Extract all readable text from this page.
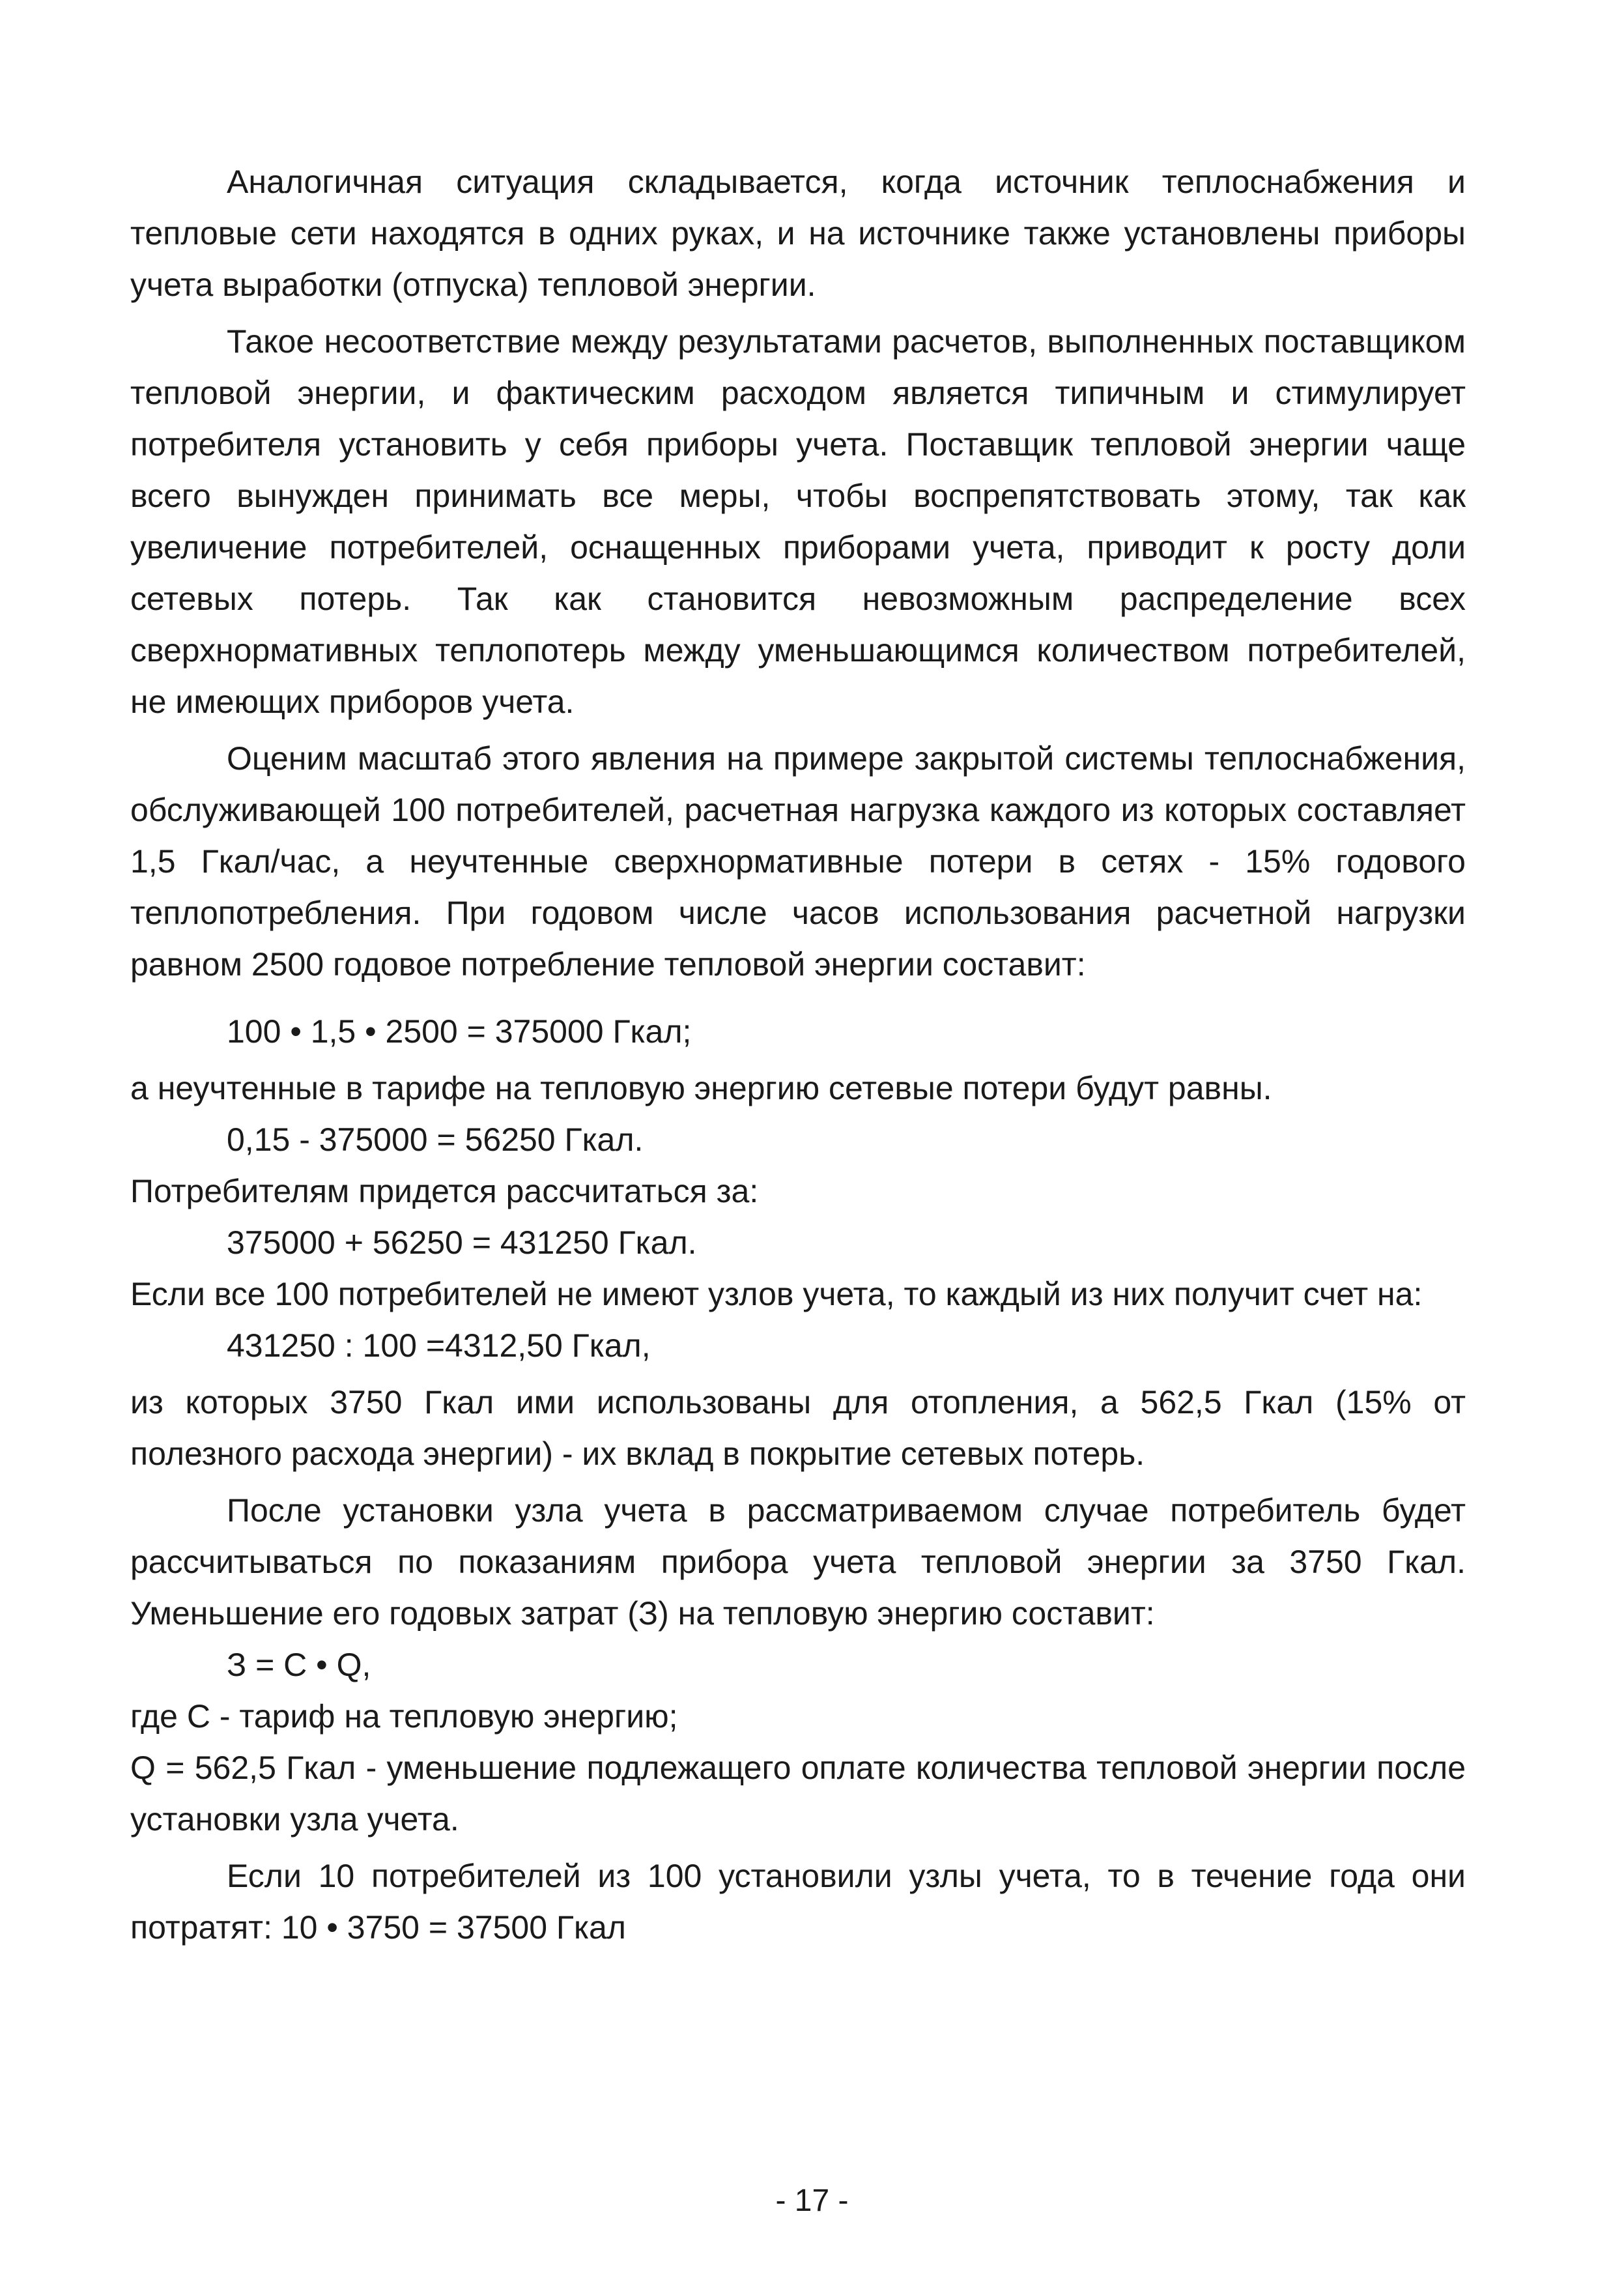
Аналогичная ситуация складывается, когда источник теплоснабжения и тепловые сети находятся в одних руках, и на источнике также установлены приборы учета выработки (отпуска) тепловой энергии.

Такое несоответствие между результатами расчетов, выполненных поставщиком тепловой энергии, и фактическим расходом является типичным и стимулирует потребителя установить у себя приборы учета. Поставщик тепловой энергии чаще всего вынужден принимать все меры, чтобы воспрепятствовать этому, так как увеличение потребителей, оснащенных приборами учета, приводит к росту доли сетевых потерь. Так как становится невозможным распределение всех сверхнормативных теплопотерь между уменьшающимся количеством потребителей, не имеющих приборов учета.

Оценим масштаб этого явления на примере закрытой системы теплоснабжения, обслуживающей 100 потребителей, расчетная нагрузка каждого из которых составляет 1,5 Гкал/час, а неучтенные сверхнормативные потери в сетях - 15% годового теплопотребления. При годовом числе часов использования расчетной нагрузки равном 2500 годовое потребление тепловой энергии составит:

100 • 1,5 • 2500 = 375000 Гкал;

а неучтенные в тарифе на тепловую энергию сетевые потери будут равны.

0,15 - 375000 = 56250 Гкал.

Потребителям придется рассчитаться за:

375000 + 56250 = 431250 Гкал.

Если все 100 потребителей не имеют узлов учета, то каждый из них получит счет на:

431250 : 100 =4312,50 Гкал,

из которых 3750 Гкал ими использованы для отопления, а 562,5 Гкал (15% от полезного расхода энергии) - их вклад в покрытие сетевых потерь.

После установки узла учета в рассматриваемом случае потребитель будет рассчитываться по показаниям прибора учета тепловой энергии за 3750 Гкал. Уменьшение его годовых затрат (З) на тепловую энергию составит:

З = С • Q,

где С - тариф на тепловую энергию;

Q = 562,5 Гкал - уменьшение подлежащего оплате количества тепловой энергии после установки узла учета.

Если 10 потребителей из 100 установили узлы учета, то в течение года они потратят: 10 • 3750 = 37500 Гкал

- 17 -
